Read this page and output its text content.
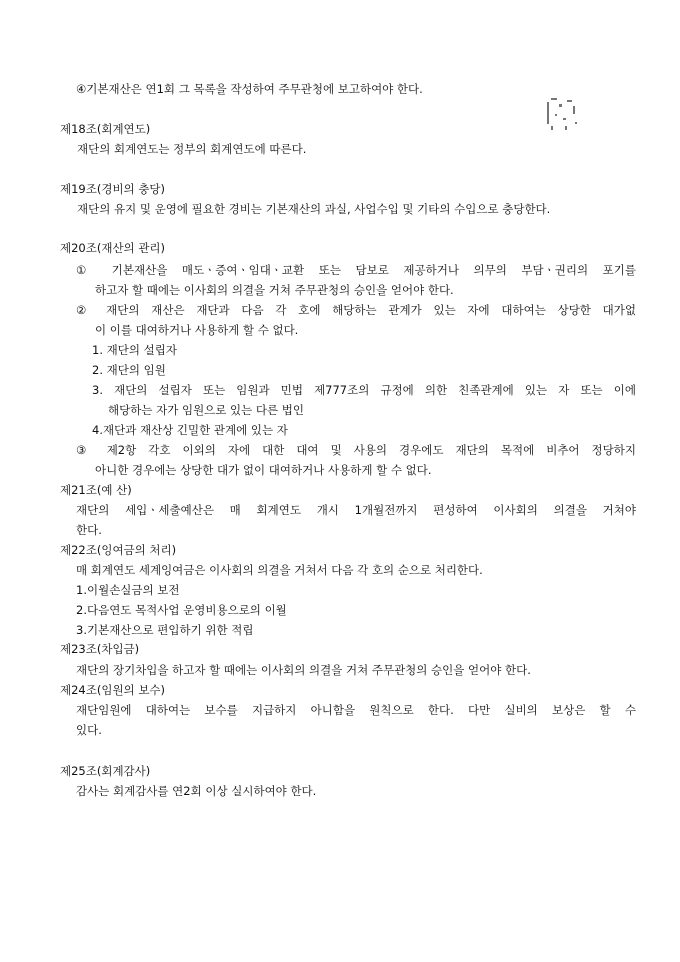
④기본재산은 연1회 그 목록을 작성하여 주무관청에 보고하여야 한다.
제18조(회계연도)
재단의 회계연도는 정부의 회계연도에 따른다.
제19조(경비의 충당)
재단의 유지 및 운영에 필요한 경비는 기본재산의 과실, 사업수입 및 기타의 수입으로 충당한다.
제20조(재산의 관리)
① 기본재산을 매도ㆍ증여ㆍ임대ㆍ교환 또는 담보로 제공하거나 의무의 부담ㆍ권리의 포기를
하고자 할 때에는 이사회의 의결을 거쳐 주무관청의 승인을 얻어야 한다.
② 재단의 재산은 재단과 다음 각 호에 해당하는 관계가 있는 자에 대하여는 상당한 대가없
이 이를 대여하거나 사용하게 할 수 없다.
1. 재단의 설립자
2. 재단의 임원
3. 재단의 설립자 또는 임원과 민법 제777조의 규정에 의한 친족관계에 있는 자 또는 이에
해당하는 자가 임원으로 있는 다른 법인
4.재단과 재산상 긴밀한 관계에 있는 자
③ 제2항 각호 이외의 자에 대한 대여 및 사용의 경우에도 재단의 목적에 비추어 정당하지
아니한 경우에는 상당한 대가 없이 대여하거나 사용하게 할 수 없다.
제21조(예 산)
재단의 세입ㆍ세출예산은 매 회계연도 개시 1개월전까지 편성하여 이사회의 의결을 거쳐야
한다.
제22조(잉여금의 처리)
매 회계연도 세계잉여금은 이사회의 의결을 거쳐서 다음 각 호의 순으로 처리한다.
1.이월손실금의 보전
2.다음연도 목적사업 운영비용으로의 이월
3.기본재산으로 편입하기 위한 적립
제23조(차입금)
재단의 장기차입을 하고자 할 때에는 이사회의 의결을 거쳐 주무관청의 승인을 얻어야 한다.
제24조(임원의 보수)
재단임원에 대하여는 보수를 지급하지 아니함을 원칙으로 한다. 다만 실비의 보상은 할 수
있다.
제25조(회계감사)
감사는 회계감사를 연2회 이상 실시하여야 한다.
